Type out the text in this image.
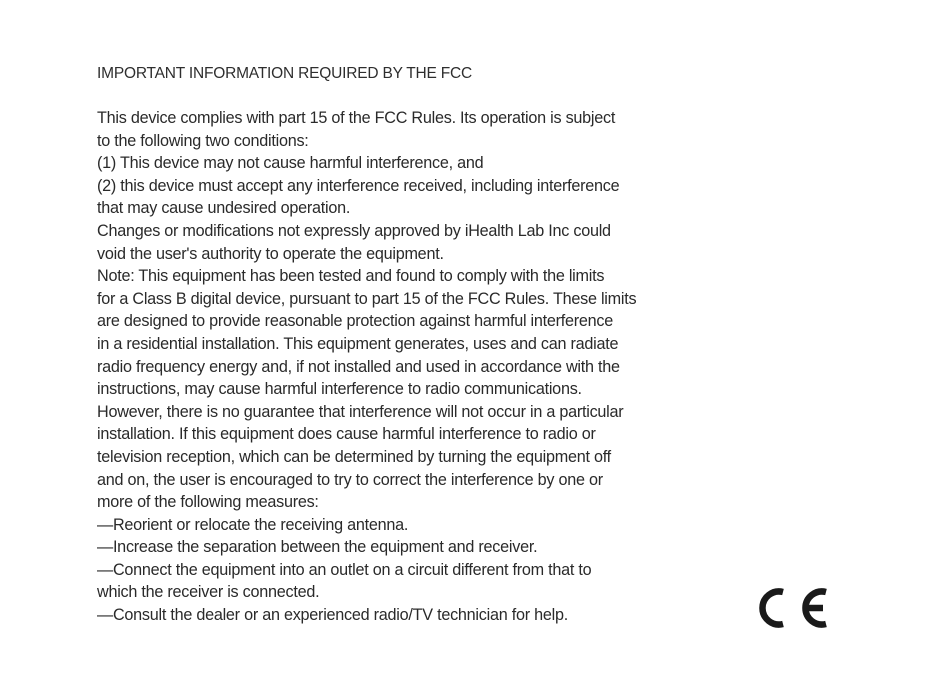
IMPORTANT INFORMATION REQUIRED BY THE FCC
This device complies with part 15 of the FCC Rules. Its operation is subject
to the following two conditions:
(1) This device may not cause harmful interference, and
(2) this device must accept any interference received, including interference
that may cause undesired operation.
Changes or modifications not expressly approved by iHealth Lab Inc could
void the user's authority to operate the equipment.
Note: This equipment has been tested and found to comply with the limits
for a Class B digital device, pursuant to part 15 of the FCC Rules. These limits
are designed to provide reasonable protection against harmful interference
in a residential installation. This equipment generates, uses and can radiate
radio frequency energy and, if not installed and used in accordance with the
instructions, may cause harmful interference to radio communications.
However, there is no guarantee that interference will not occur in a particular
installation. If this equipment does cause harmful interference to radio or
television reception, which can be determined by turning the equipment off
and on, the user is encouraged to try to correct the interference by one or
more of the following measures:
—Reorient or relocate the receiving antenna.
—Increase the separation between the equipment and receiver.
—Connect the equipment into an outlet on a circuit different from that to
which the receiver is connected.
—Consult the dealer or an experienced radio/TV technician for help.
